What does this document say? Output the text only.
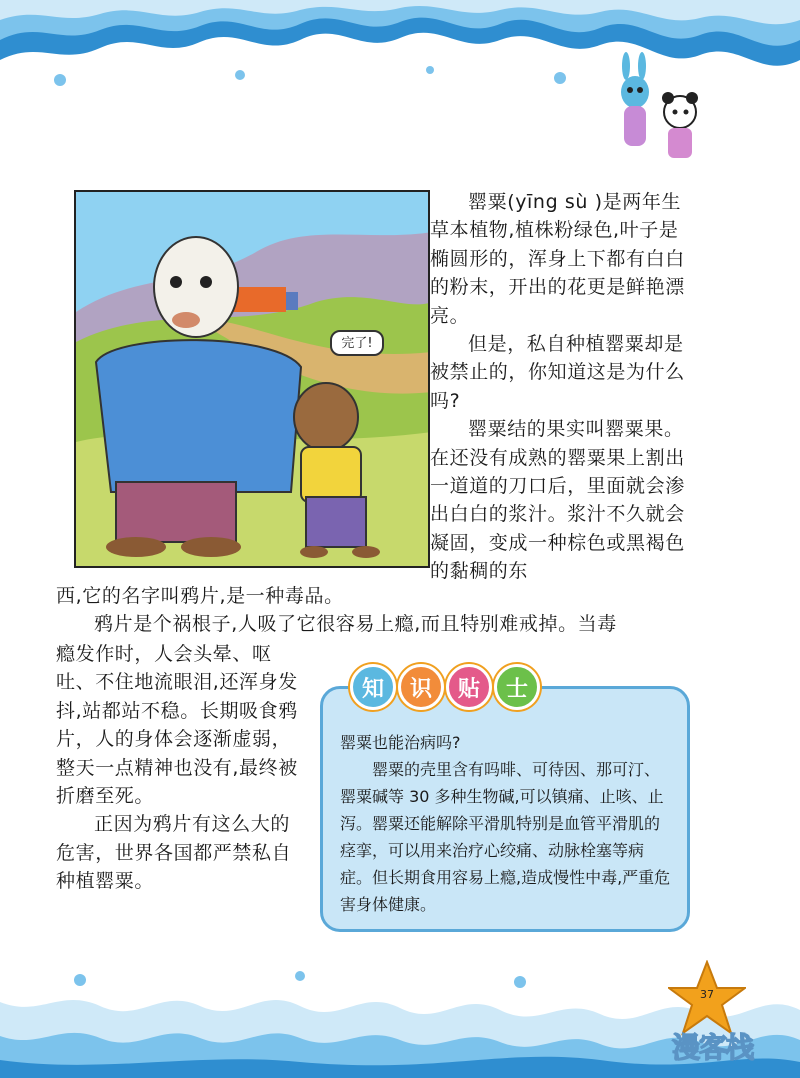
完了!

罂粟(yīng sù )是两年生草本植物,植株粉绿色,叶子是椭圆形的，浑身上下都有白白的粉末，开出的花更是鲜艳漂亮。

但是，私自种植罂粟却是被禁止的，你知道这是为什么吗?

罂粟结的果实叫罂粟果。在还没有成熟的罂粟果上割出一道道的刀口后，里面就会渗出白白的浆汁。浆汁不久就会凝固，变成一种棕色或黑褐色的黏稠的东

西,它的名字叫鸦片,是一种毒品。

鸦片是个祸根子,人吸了它很容易上瘾,而且特别难戒掉。当毒

瘾发作时，人会头晕、呕吐、不住地流眼泪,还浑身发抖,站都站不稳。长期吸食鸦片，人的身体会逐渐虚弱，整天一点精神也没有,最终被折磨至死。

正因为鸦片有这么大的危害，世界各国都严禁私自种植罂粟。

知	识	贴	士
罂粟也能治病吗?

罂粟的壳里含有吗啡、可待因、那可汀、罂粟碱等 30 多种生物碱,可以镇痛、止咳、止泻。罂粟还能解除平滑肌特别是血管平滑肌的痉挛，可以用来治疗心绞痛、动脉栓塞等病症。但长期食用容易上瘾,造成慢性中毒,严重危害身体健康。

37
漫客栈
